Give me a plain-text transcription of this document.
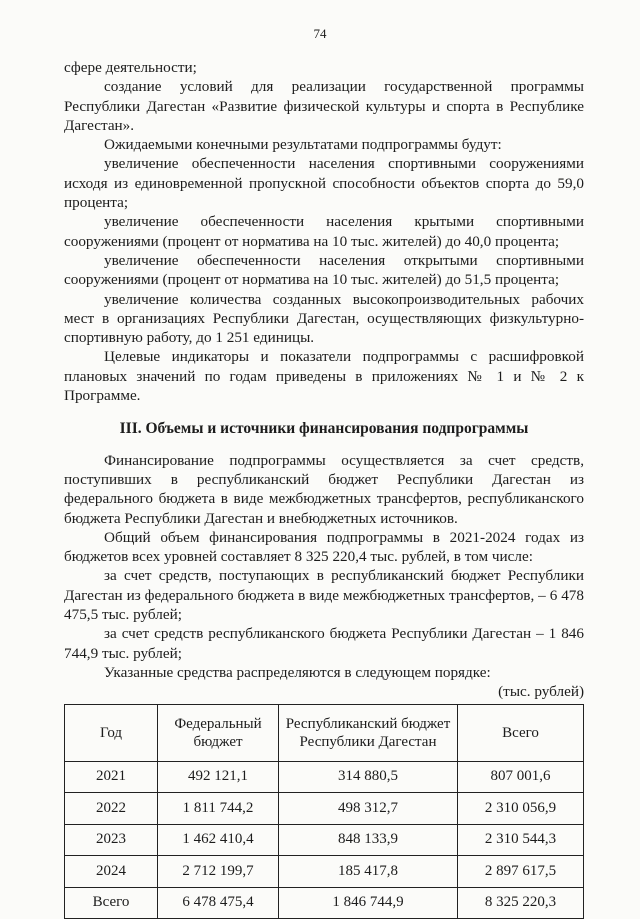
74

сфере деятельности;

создание условий для реализации государственной программы Республики Дагестан «Развитие физической культуры и спорта в Республике Дагестан».

Ожидаемыми конечными результатами подпрограммы будут:

увеличение обеспеченности населения спортивными сооружениями исходя из единовременной пропускной способности объектов спорта до 59,0 процента;

увеличение обеспеченности населения крытыми спортивными сооружениями (процент от норматива на 10 тыс. жителей) до 40,0 процента;

увеличение обеспеченности населения открытыми спортивными сооружениями (процент от норматива на 10 тыс. жителей) до 51,5 процента;

увеличение количества созданных высокопроизводительных рабочих мест в организациях Республики Дагестан, осуществляющих физкультурно-спортивную работу, до 1 251 единицы.

Целевые индикаторы и показатели подпрограммы с расшифровкой плановых значений по годам приведены в приложениях № 1 и № 2 к Программе.

III. Объемы и источники финансирования подпрограммы

Финансирование подпрограммы осуществляется за счет средств, поступивших в республиканский бюджет Республики Дагестан из федерального бюджета в виде межбюджетных трансфертов, республиканского бюджета Республики Дагестан и внебюджетных источников.

Общий объем финансирования подпрограммы в 2021-2024 годах из бюджетов всех уровней составляет 8 325 220,4 тыс. рублей, в том числе:

за счет средств, поступающих в республиканский бюджет Республики Дагестан из федерального бюджета в виде межбюджетных трансфертов, – 6 478 475,5 тыс. рублей;

за счет средств республиканского бюджета Республики Дагестан – 1 846 744,9 тыс. рублей;

Указанные средства распределяются в следующем порядке:

(тыс. рублей)

Год	Федеральный бюджет	Республиканский бюджет Республики Дагестан	Всего
2021	492 121,1	314 880,5	807 001,6
2022	1 811 744,2	498 312,7	2 310 056,9
2023	1 462 410,4	848 133,9	2 310 544,3
2024	2 712 199,7	185 417,8	2 897 617,5
Всего	6 478 475,4	1 846 744,9	8 325 220,3
